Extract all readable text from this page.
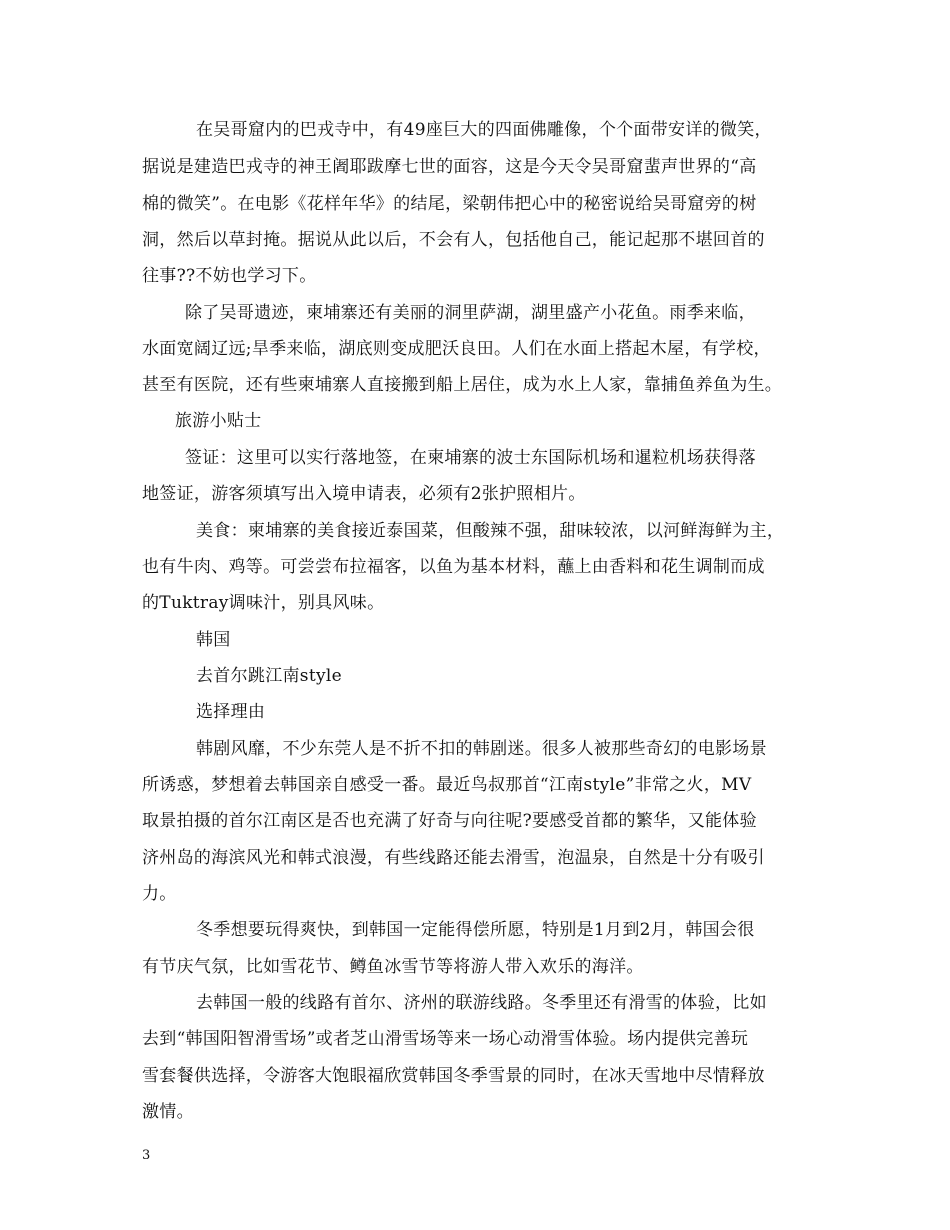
在吴哥窟内的巴戎寺中，有49座巨大的四面佛雕像，个个面带安详的微笑，
据说是建造巴戎寺的神王阇耶跋摩七世的面容，这是今天令吴哥窟蜚声世界的“高
棉的微笑”。在电影《花样年华》的结尾，梁朝伟把心中的秘密说给吴哥窟旁的树
洞，然后以草封掩。据说从此以后，不会有人，包括他自己，能记起那不堪回首的
往事??不妨也学习下。
除了吴哥遗迹，柬埔寨还有美丽的洞里萨湖，湖里盛产小花鱼。雨季来临，
水面宽阔辽远;旱季来临，湖底则变成肥沃良田。人们在水面上搭起木屋，有学校，
甚至有医院，还有些柬埔寨人直接搬到船上居住，成为水上人家，靠捕鱼养鱼为生。
旅游小贴士
签证：这里可以实行落地签，在柬埔寨的波士东国际机场和暹粒机场获得落
地签证，游客须填写出入境申请表，必须有2张护照相片。
美食：柬埔寨的美食接近泰国菜，但酸辣不强，甜味较浓，以河鲜海鲜为主，
也有牛肉、鸡等。可尝尝布拉福客，以鱼为基本材料，蘸上由香料和花生调制而成
的Tuktray调味汁，别具风味。
韩国
去首尔跳江南style
选择理由
韩剧风靡，不少东莞人是不折不扣的韩剧迷。很多人被那些奇幻的电影场景
所诱惑，梦想着去韩国亲自感受一番。最近鸟叔那首“江南style”非常之火，MV
取景拍摄的首尔江南区是否也充满了好奇与向往呢?要感受首都的繁华，又能体验
济州岛的海滨风光和韩式浪漫，有些线路还能去滑雪，泡温泉，自然是十分有吸引
力。
冬季想要玩得爽快，到韩国一定能得偿所愿，特别是1月到2月，韩国会很
有节庆气氛，比如雪花节、鳟鱼冰雪节等将游人带入欢乐的海洋。
去韩国一般的线路有首尔、济州的联游线路。冬季里还有滑雪的体验，比如
去到“韩国阳智滑雪场”或者芝山滑雪场等来一场心动滑雪体验。场内提供完善玩
雪套餐供选择，令游客大饱眼福欣赏韩国冬季雪景的同时，在冰天雪地中尽情释放
激情。
3
